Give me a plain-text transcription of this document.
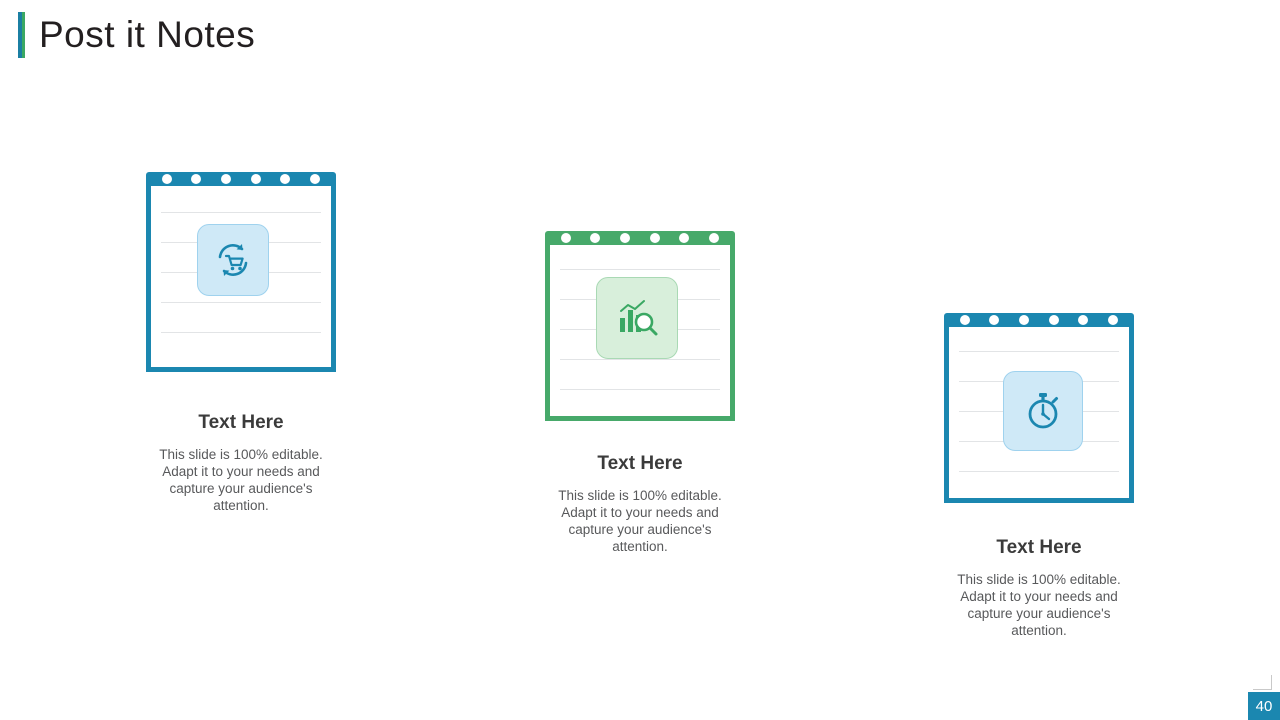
Post it Notes
Text Here
This slide is 100% editable. Adapt it to your needs and capture your audience's attention.
Text Here
This slide is 100% editable. Adapt it to your needs and capture your audience's attention.	Text Here
This slide is 100% editable. Adapt it to your needs and capture your audience's attention.
40
